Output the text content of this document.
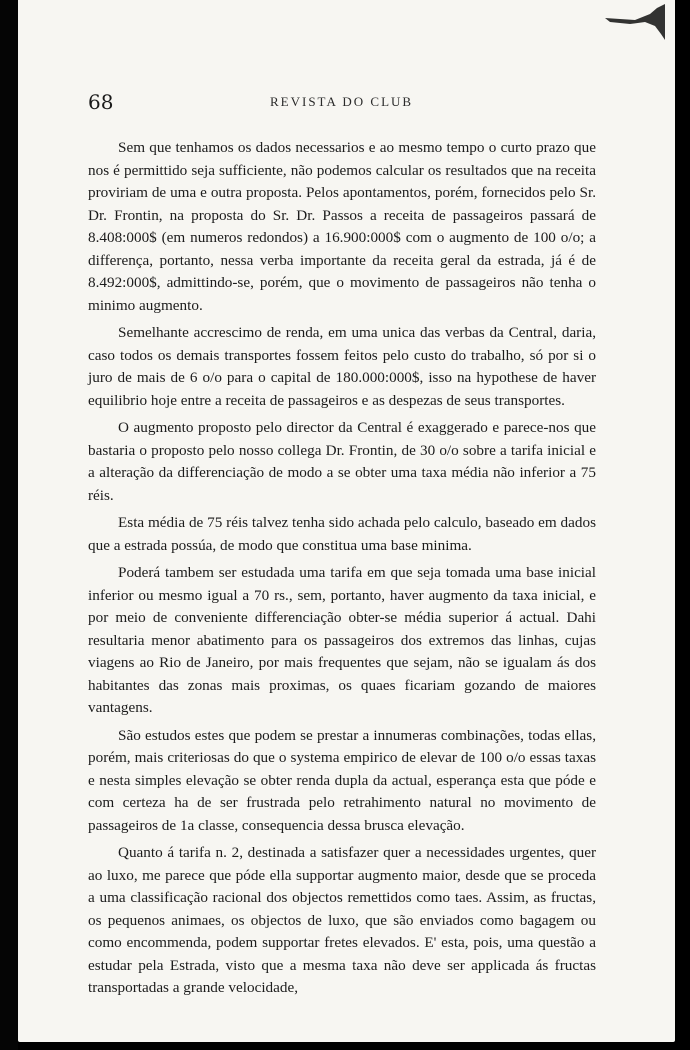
68	REVISTA DO CLUB

Sem que tenhamos os dados necessarios e ao mesmo tempo o curto prazo que nos é permittido seja sufficiente, não podemos calcular os resultados que na receita proviriam de uma e outra proposta. Pelos apontamentos, porém, fornecidos pelo Sr. Dr. Frontin, na proposta do Sr. Dr. Passos a receita de passageiros passará de 8.408:000$ (em numeros redondos) a 16.900:000$ com o augmento de 100 o/o; a differença, portanto, nessa verba importante da receita geral da estrada, já é de 8.492:000$, admittindo-se, porém, que o movimento de passageiros não tenha o minimo augmento.

Semelhante accrescimo de renda, em uma unica das verbas da Central, daria, caso todos os demais transportes fossem feitos pelo custo do trabalho, só por si o juro de mais de 6 o/o para o capital de 180.000:000$, isso na hypothese de haver equilibrio hoje entre a receita de passageiros e as despezas de seus transportes.

O augmento proposto pelo director da Central é exaggerado e parece-nos que bastaria o proposto pelo nosso collega Dr. Frontin, de 30 o/o sobre a tarifa inicial e a alteração da differenciação de modo a se obter uma taxa média não inferior a 75 réis.

Esta média de 75 réis talvez tenha sido achada pelo calculo, baseado em dados que a estrada possúa, de modo que constitua uma base minima.

Poderá tambem ser estudada uma tarifa em que seja tomada uma base inicial inferior ou mesmo igual a 70 rs., sem, portanto, haver augmento da taxa inicial, e por meio de conveniente differenciação obter-se média superior á actual. Dahi resultaria menor abatimento para os passageiros dos extremos das linhas, cujas viagens ao Rio de Janeiro, por mais frequentes que sejam, não se igualam ás dos habitantes das zonas mais proximas, os quaes ficariam gozando de maiores vantagens.

São estudos estes que podem se prestar a innumeras combinações, todas ellas, porém, mais criteriosas do que o systema empirico de elevar de 100 o/o essas taxas e nesta simples elevação se obter renda dupla da actual, esperança esta que póde e com certeza ha de ser frustrada pelo retrahimento natural no movimento de passageiros de 1a classe, consequencia dessa brusca elevação.

Quanto á tarifa n. 2, destinada a satisfazer quer a necessidades urgentes, quer ao luxo, me parece que póde ella supportar augmento maior, desde que se proceda a uma classificação racional dos objectos remettidos como taes. Assim, as fructas, os pequenos animaes, os objectos de luxo, que são enviados como bagagem ou como encommenda, podem supportar fretes elevados. E' esta, pois, uma questão a estudar pela Estrada, visto que a mesma taxa não deve ser applicada ás fructas transportadas a grande velocidade,
